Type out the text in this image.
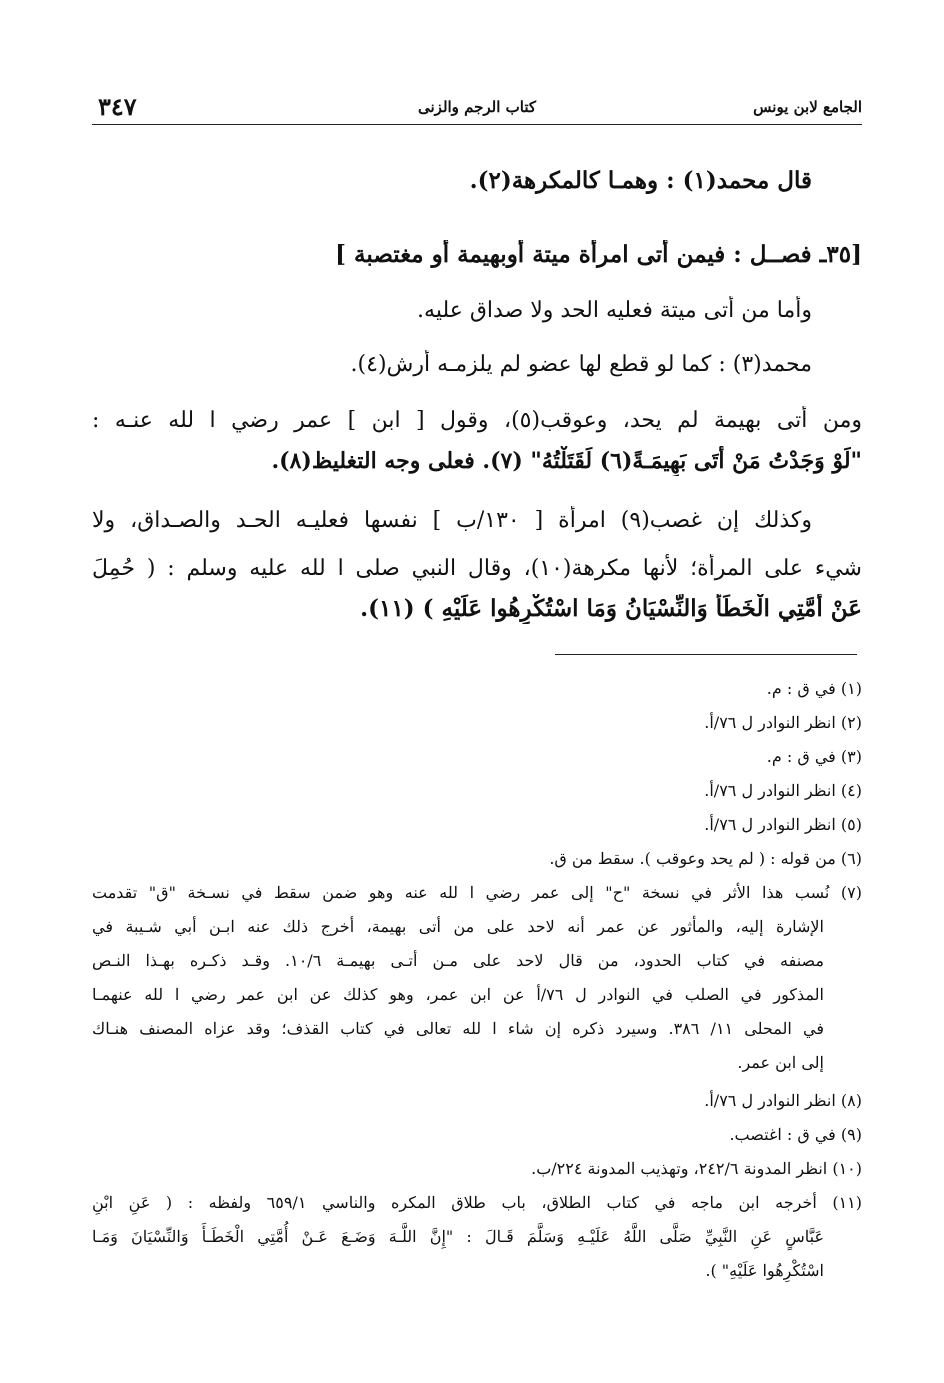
الجامع لابن يونس
كتاب الرجم والزنى
٣٤٧
قال محمد(١) : وهمـا كالمكرهة(٢).
[٣٥ـ فصــل : فيمن أتى امرأة ميتة أوبهيمة أو مغتصبة ]
وأما من أتى ميتة فعليه الحد ولا صداق عليه.
محمد(٣) : كما لو قطع لها عضو لم يلزمـه أرش(٤).
ومن أتى بهيمة لم يحد، وعوقب(٥)، وقول [ ابن ] عمر رضي ا لله عنـه :
"لَوْ وَجَدْتُ مَنْ أَتَى بَهِيمَـةً(٦) لَقَتَلْتُهُ" (٧). فعلى وجه التغليظ(٨).
وكذلك إن غصب(٩) امرأة [ ١٣٠/ب ] نفسها فعليـه الحـد والصـداق، ولا
شيء على المرأة؛ لأنها مكرهة(١٠)، وقال النبي صلى ا لله عليه وسلم : ( حُمِلَ
عَنْ أُمَّتِي الْخَطَأُ وَالنِّسْيَانُ وَمَا اسْتُكْرِهُوا عَلَيْهِ ) (١١).
(١) في ق : م.
(٢) انظر النوادر ل ٧٦/أ.
(٣) في ق : م.
(٤) انظر النوادر ل ٧٦/أ.
(٥) انظر النوادر ل ٧٦/أ.
(٦) من قوله : ( لم يحد وعوقب ). سقط من ق.
(٧) نُسب هذا الأثر في نسخة "ح" إلى عمر رضي ا لله عنه وهو ضمن سقط في نسـخة "ق" تقدمت
الإشارة إليه، والمأثور عن عمر أنه لاحد على من أتى بهيمة، أخرج ذلك عنه ابـن أبي شـيبة في
مصنفه في كتاب الحدود، من قال لاحد على مـن أتـى بهيمـة ١٠/٦. وقـد ذكـره بهـذا النـص
المذكور في الصلب في النوادر ل ٧٦/أ عن ابن عمر، وهو كذلك عن ابن عمر رضي ا لله عنهمـا
في المحلى ١١/ ٣٨٦. وسيرد ذكره إن شاء ا لله تعالى في كتاب القذف؛ وقد عزاه المصنف هنـاك
إلى ابن عمر.
(٨) انظر النوادر ل ٧٦/أ.
(٩) في ق : اغتصب.
(١٠) انظر المدونة ٢٤٢/٦، وتهذيب المدونة ٢٢٤/ب.
(١١) أخرجه ابن ماجه في كتاب الطلاق، باب طلاق المكره والناسي ٦٥٩/١ ولفظه : ( عَنِ ابْنِ
عَبَّاسٍ عَنِ النَّبِيِّ صَلَّى اللَّهُ عَلَيْـهِ وَسَلَّمَ قَـالَ : "إِنَّ اللَّـهَ وَضَـعَ عَـنْ أُمَّتِي الْخَطَـأَ وَالنِّسْيَانَ وَمَـا
اسْتُكْرِهُوا عَلَيْهِ" ).
